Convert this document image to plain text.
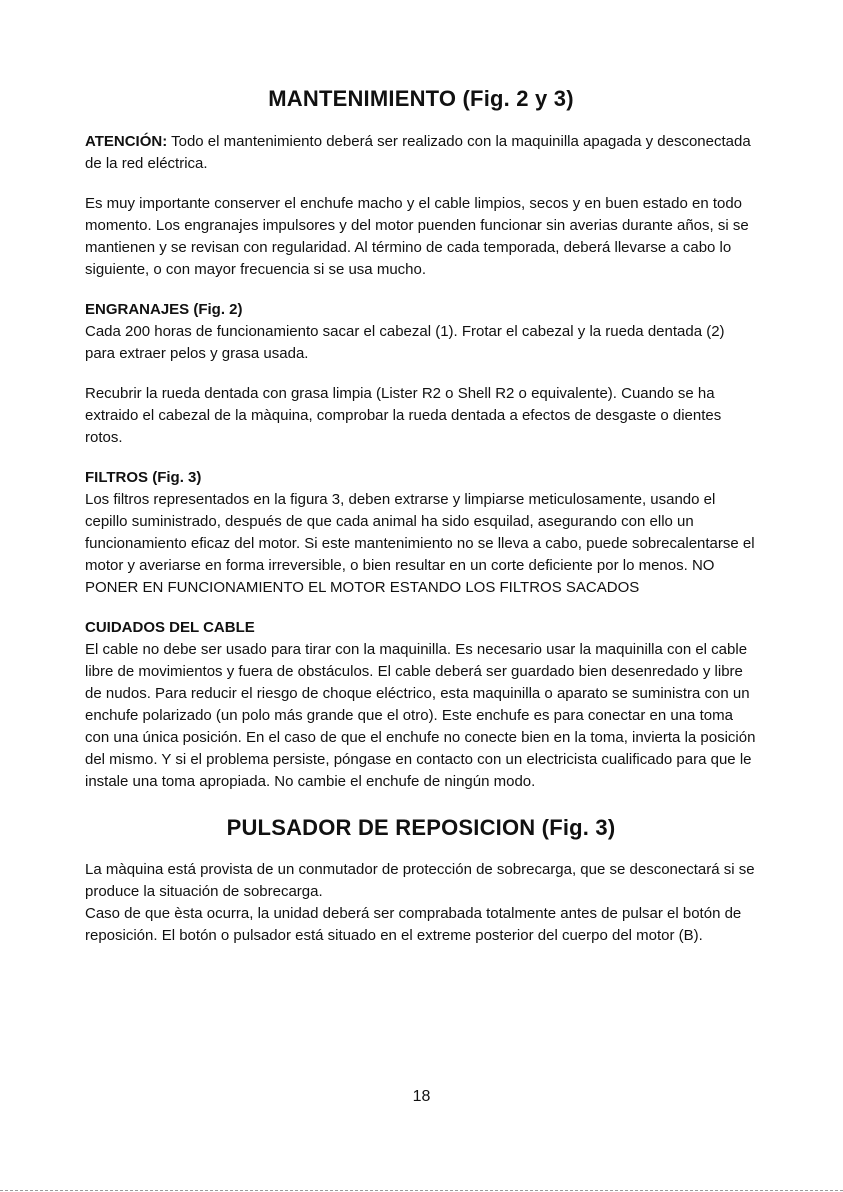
MANTENIMIENTO (Fig. 2 y 3)

ATENCIÓN: Todo el mantenimiento deberá ser realizado con la maquinilla apagada y desconectada de la red eléctrica.

Es muy importante conserver el enchufe macho y el cable limpios, secos y en buen estado en todo momento. Los engranajes impulsores y del motor puenden funcionar sin averias durante años, si se mantienen y se revisan con regularidad. Al término de cada temporada, deberá llevarse a cabo lo siguiente, o con mayor frecuencia si se usa mucho.

ENGRANAJES (Fig. 2)

Cada 200 horas de funcionamiento sacar el cabezal (1). Frotar el cabezal y la rueda dentada (2) para extraer pelos y grasa usada.

Recubrir la rueda dentada con grasa limpia (Lister R2 o Shell R2 o equivalente). Cuando se ha extraido el cabezal de la màquina, comprobar la rueda dentada a efectos de desgaste o dientes rotos.

FILTROS (Fig. 3)

Los filtros representados en la figura 3, deben extrarse y limpiarse meticulosamente, usando el cepillo suministrado, después de que cada animal ha sido esquilad, asegurando con ello un funcionamiento eficaz del motor. Si este mantenimiento no se lleva a cabo, puede sobrecalentarse el motor y averiarse en forma irreversible, o bien resultar en un corte deficiente por lo menos. NO PONER EN FUNCIONAMIENTO EL MOTOR ESTANDO LOS FILTROS SACADOS

CUIDADOS DEL CABLE

El cable no debe ser usado para tirar con la maquinilla. Es necesario usar la maquinilla con el cable libre de movimientos y fuera de obstáculos. El cable deberá ser guardado bien desenredado y libre de nudos. Para reducir el riesgo de choque eléctrico, esta maquinilla o aparato se suministra con un enchufe polarizado (un polo más grande que el otro). Este enchufe es para conectar en una toma con una única posición. En el caso de que el enchufe no conecte bien en la toma, invierta la posición del mismo. Y si el problema persiste, póngase en contacto con un electricista cualificado para que le instale una toma apropiada. No cambie el enchufe de ningún modo.

PULSADOR DE REPOSICION (Fig. 3)

La màquina está provista de un conmutador de protección de sobrecarga, que se desconectará si se produce la situación de sobrecarga.

Caso de que èsta ocurra, la unidad deberá ser comprabada totalmente antes de pulsar el botón de reposición. El botón o pulsador está situado en el extreme posterior del cuerpo del motor (B).

18
